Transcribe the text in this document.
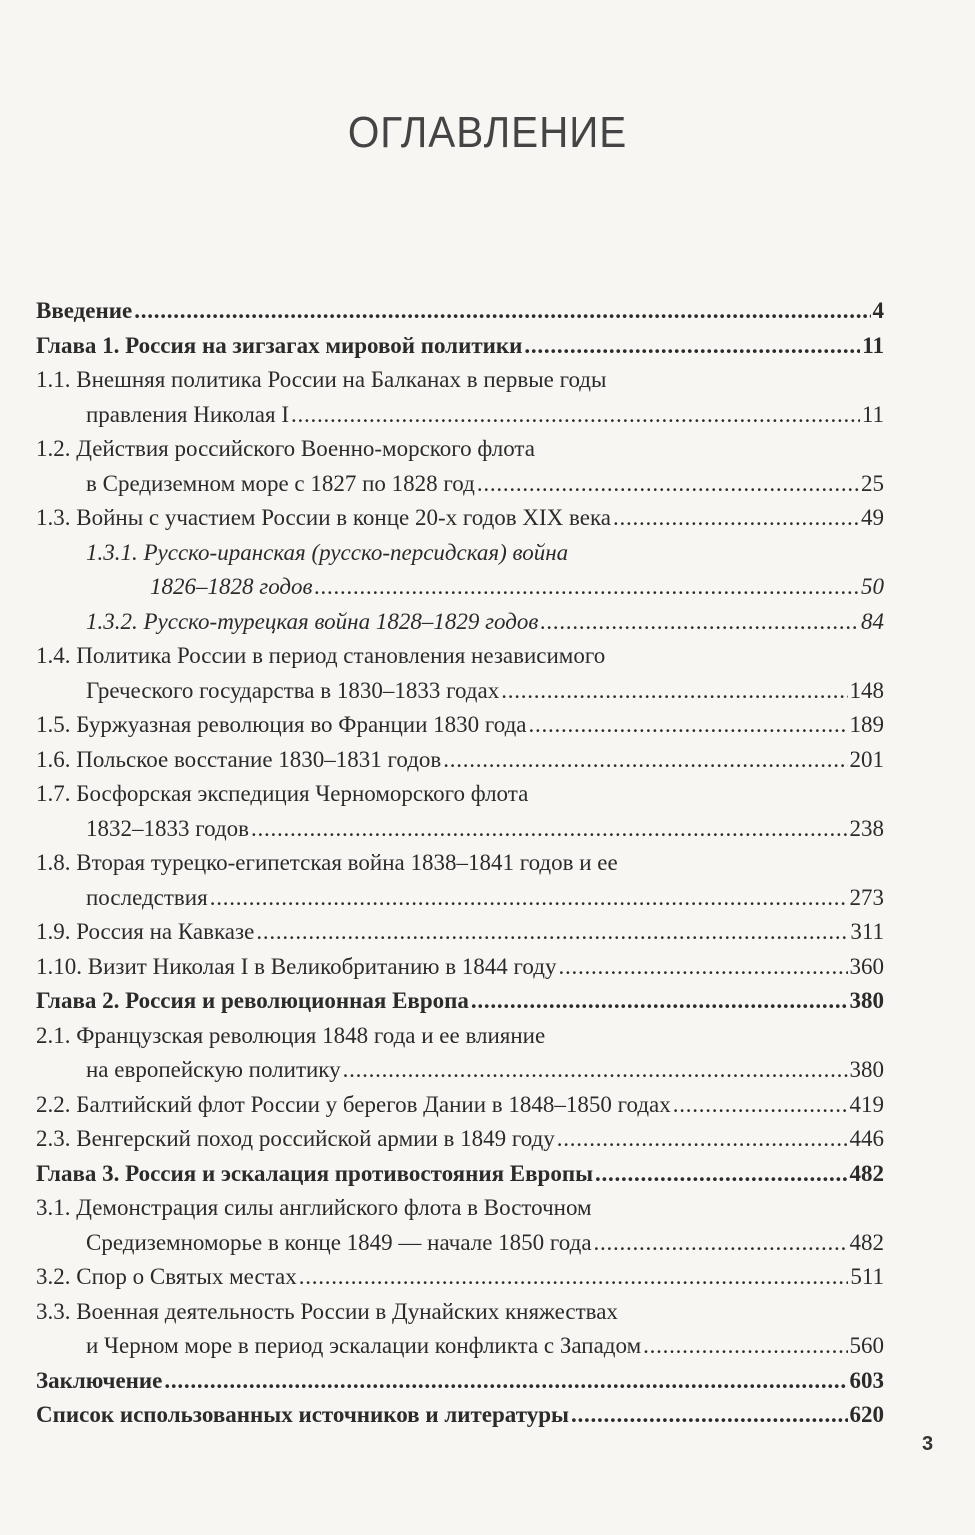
ОГЛАВЛЕНИЕ
Введение . . .	4
Глава 1. Россия на зигзагах мировой политики . . .	11
1.1. Внешняя политика России на Балканах в первые годы
правления Николая I . . .	11
1.2. Действия российского Военно-морского флота
в Средиземном море с 1827 по 1828 год . . .	25
1.3. Войны с участием России в конце 20-х годов XIX века . . .	49
1.3.1. Русско-иранская (русско-персидская) война
1826–1828 годов . . .	50
1.3.2. Русско-турецкая война 1828–1829 годов . . .	84
1.4. Политика России в период становления независимого
Греческого государства в 1830–1833 годах . . .	148
1.5. Буржуазная революция во Франции 1830 года . . .	189
1.6. Польское восстание 1830–1831 годов . . .	201
1.7. Босфорская экспедиция Черноморского флота
1832–1833 годов . . .	238
1.8. Вторая турецко-египетская война 1838–1841 годов и ее
последствия . . .	273
1.9. Россия на Кавказе . . .	311
1.10. Визит Николая I в Великобританию в 1844 году . . .	360
Глава 2. Россия и революционная Европа . . .	380
2.1. Французская революция 1848 года и ее влияние
на европейскую политику . . .	380
2.2. Балтийский флот России у берегов Дании в 1848–1850 годах . . .	419
2.3. Венгерский поход российской армии в 1849 году . . .	446
Глава 3. Россия и эскалация противостояния Европы . . .	482
3.1. Демонстрация силы английского флота в Восточном
Средиземноморье в конце 1849 — начале 1850 года . . .	482
3.2. Спор о Святых местах . . .	511
3.3. Военная деятельность России в Дунайских княжествах
и Черном море в период эскалации конфликта с Западом . . .	560
Заключение . . .	603
Список использованных источников и литературы . . .	620
3
